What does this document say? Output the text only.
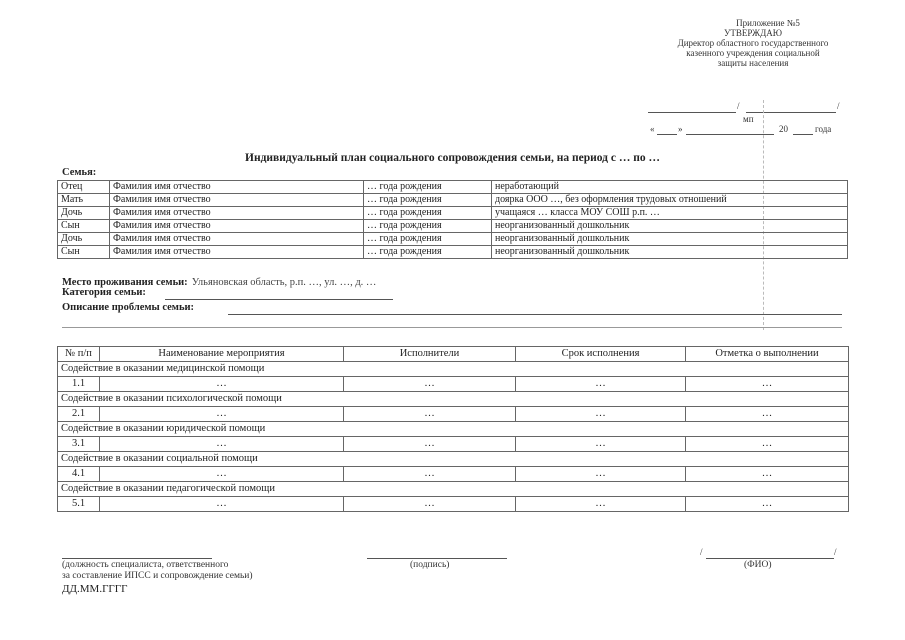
Приложение №5
УТВЕРЖДАЮ
Директор областного государственного
казенного учреждения социальной
защиты населения
/	/
мп
«	»	20	года
Индивидуальный план социального сопровождения семьи, на период с … по …
Семья:
Отец	Фамилия имя отчество	… года рождения	неработающий
Мать	Фамилия имя отчество	… года рождения	доярка ООО …, без оформления трудовых отношений
Дочь	Фамилия имя отчество	… года рождения	учащаяся … класса МОУ СОШ р.п. …
Сын	Фамилия имя отчество	… года рождения	неорганизованный дошкольник
Дочь	Фамилия имя отчество	… года рождения	неорганизованный дошкольник
Сын	Фамилия имя отчество	… года рождения	неорганизованный дошкольник
Место проживания семьи: Ульяновская область, р.п. …, ул. …, д. …
Категория семьи:
Описание проблемы семьи:
№ п/п	Наименование мероприятия	Исполнители	Срок исполнения	Отметка о выполнении
Содействие в оказании медицинской помощи				
1.1	…	…	…	…
Содействие в оказании психологической помощи				
2.1	…	…	…	…
Содействие в оказании юридической помощи				
3.1	…	…	…	…
Содействие в оказании социальной помощи				
4.1	…	…	…	…
Содействие в оказании педагогической помощи				
5.1	…	…	…	…
(должность специалиста, ответственного
за составление ИПСС и сопровождение семьи)
(подпись)
/	/
(ФИО)
ДД.ММ.ГГГГ
